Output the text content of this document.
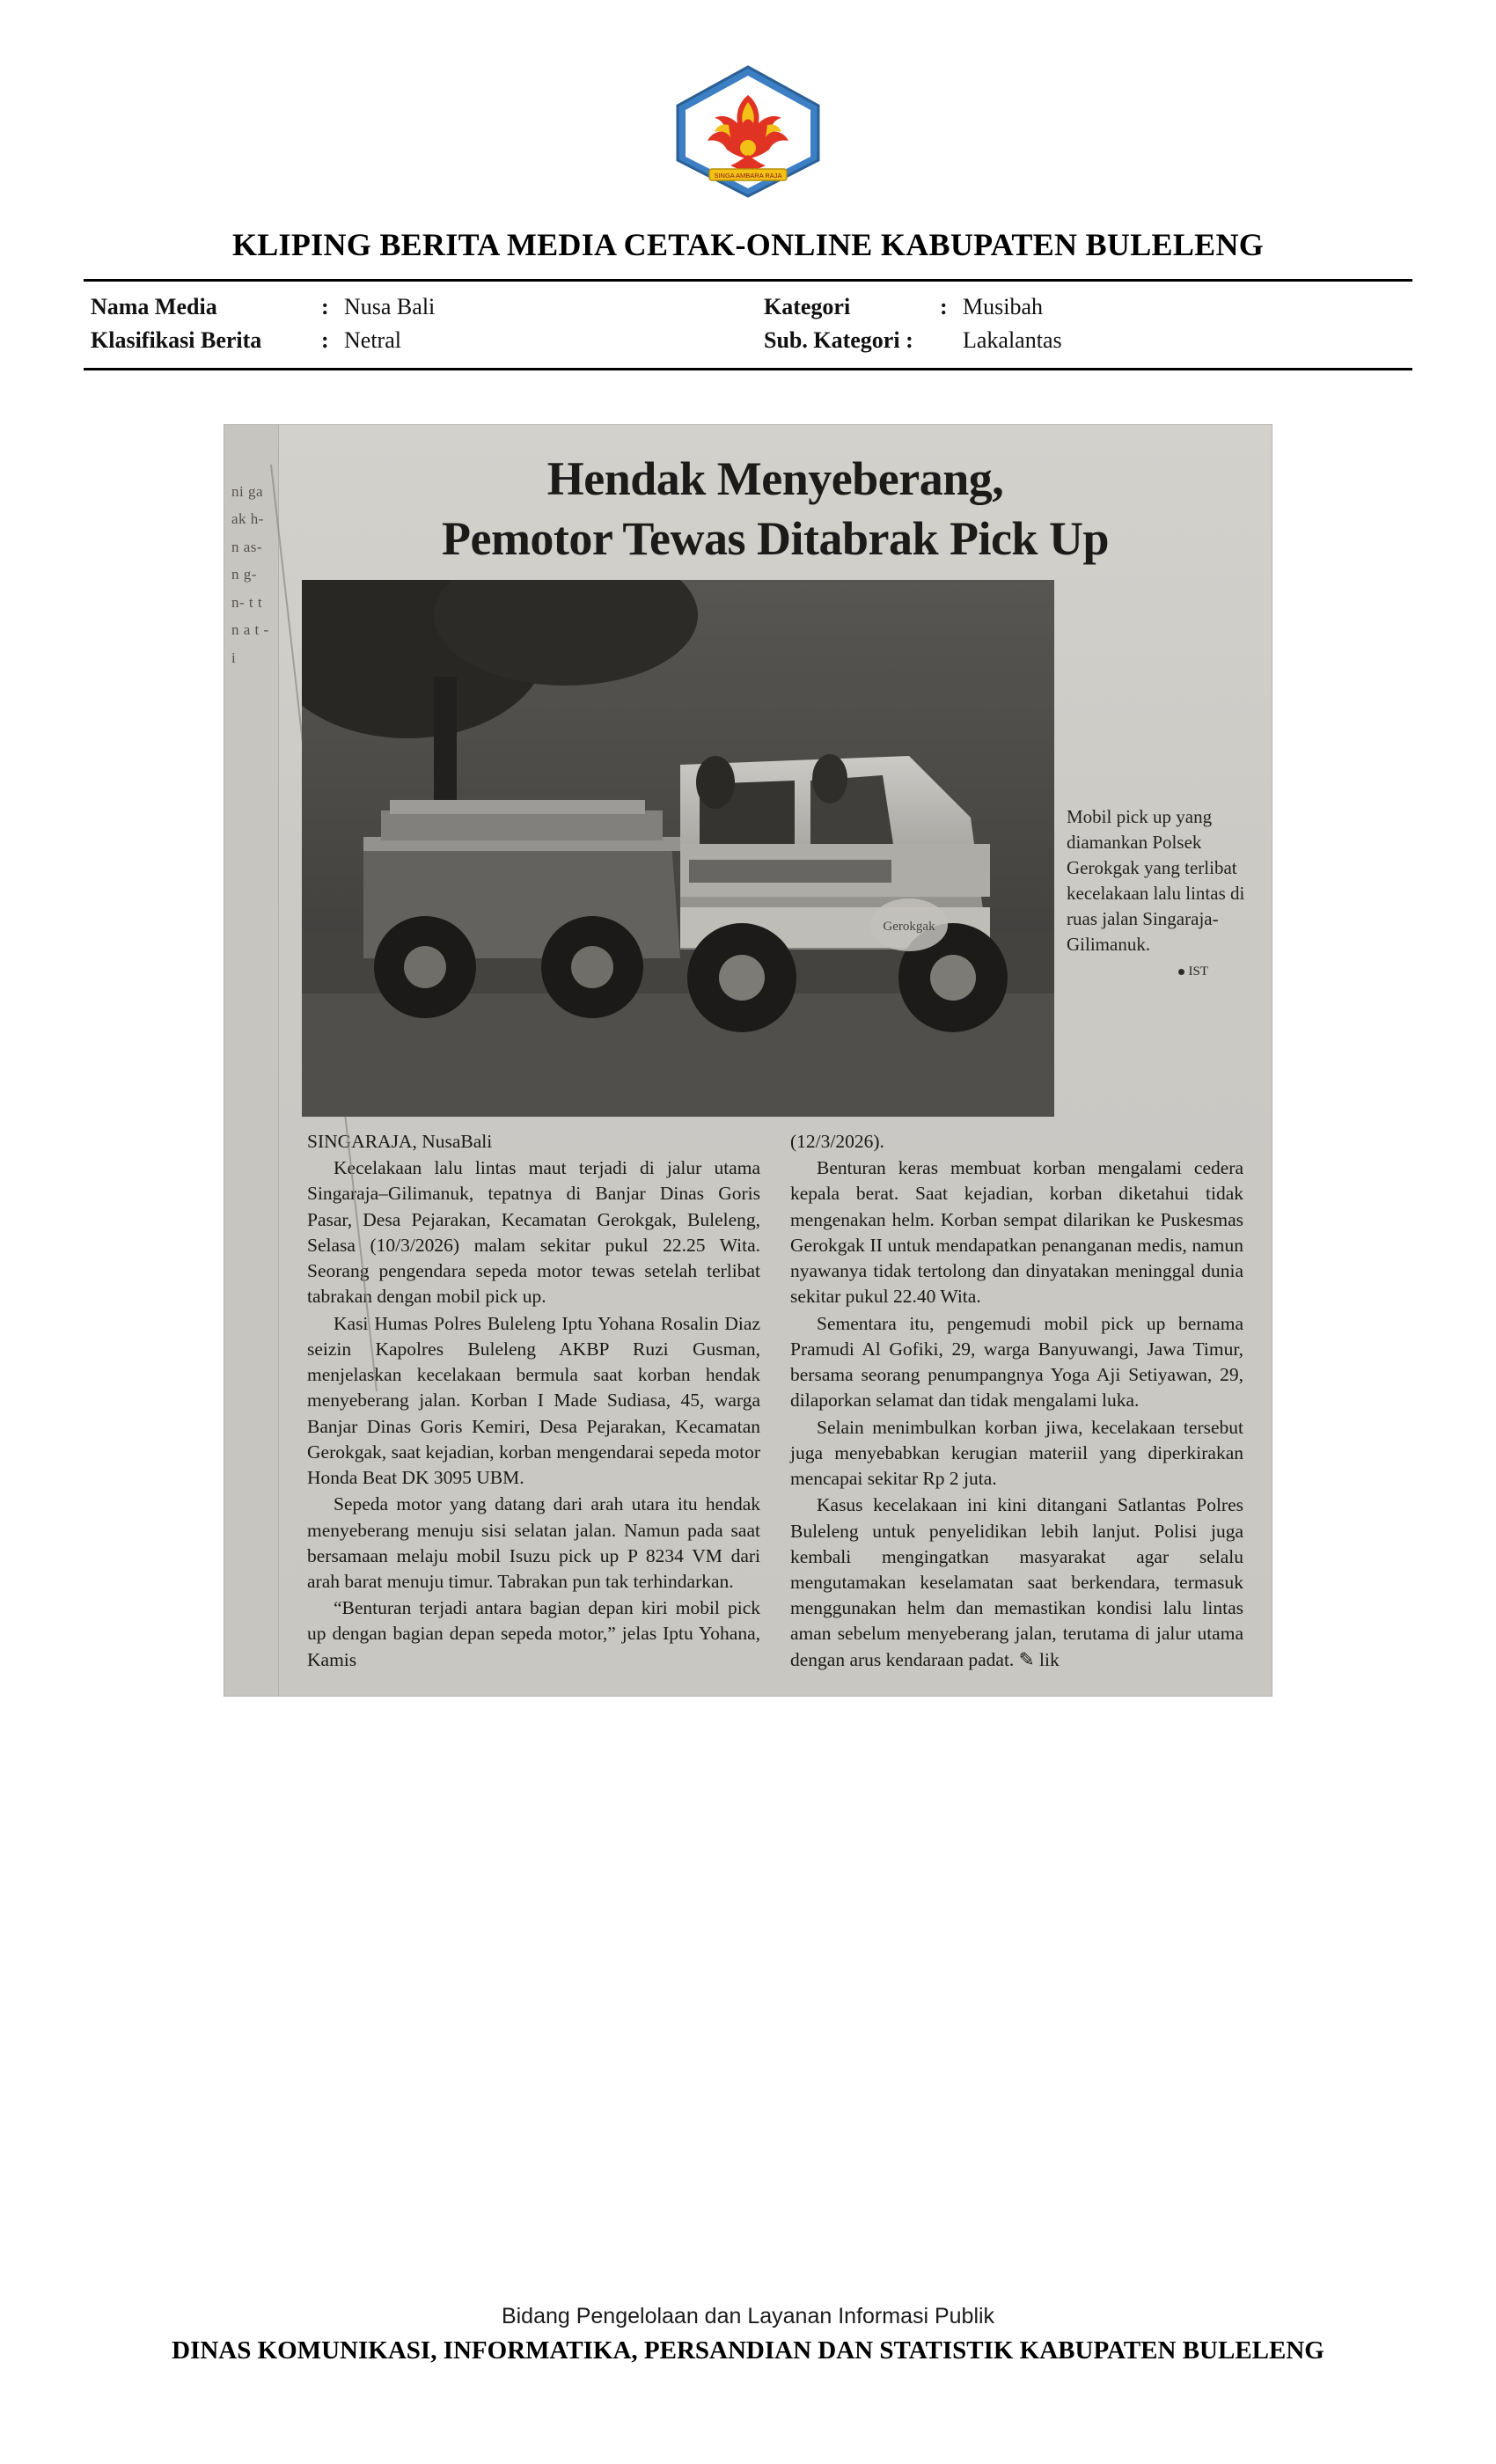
SINGA AMBARA RAJA
KLIPING BERITA MEDIA CETAK-ONLINE KABUPATEN BULELENG
Nama Media	: Nusa Bali	Kategori	: Musibah
Klasifikasi Berita	: Netral	Sub. Kategori :	Lakalantas
ni ga ak h- n as- n g- n- t t n a t - i
Hendak Menyeberang,
Pemotor Tewas Ditabrak Pick Up
Gerokgak
Mobil pick up yang diamankan Polsek Gerokgak yang terlibat kecelakaan lalu lintas di ruas jalan Singaraja-Gilimanuk.
IST

SINGARAJA, NusaBali

Kecelakaan lalu lintas maut terjadi di jalur utama Singaraja–Gilimanuk, tepatnya di Banjar Dinas Goris Pasar, Desa Pejarakan, Kecamatan Gerokgak, Buleleng, Selasa (10/3/2026) malam sekitar pukul 22.25 Wita. Seorang pengendara sepeda motor tewas setelah terlibat tabrakan dengan mobil pick up.

Kasi Humas Polres Buleleng Iptu Yohana Rosalin Diaz seizin Kapolres Buleleng AKBP Ruzi Gusman, menjelaskan kecelakaan bermula saat korban hendak menyeberang jalan. Korban I Made Sudiasa, 45, warga Banjar Dinas Goris Kemiri, Desa Pejarakan, Kecamatan Gerokgak, saat kejadian, korban mengendarai sepeda motor Honda Beat DK 3095 UBM.

Sepeda motor yang datang dari arah utara itu hendak menyeberang menuju sisi selatan jalan. Namun pada saat bersamaan melaju mobil Isuzu pick up P 8234 VM dari arah barat menuju timur. Tabrakan pun tak terhindarkan.

“Benturan terjadi antara bagian depan kiri mobil pick up dengan bagian depan sepeda motor,” jelas Iptu Yohana, Kamis

(12/3/2026).

Benturan keras membuat korban mengalami cedera kepala berat. Saat kejadian, korban diketahui tidak mengenakan helm. Korban sempat dilarikan ke Puskesmas Gerokgak II untuk mendapatkan penanganan medis, namun nyawanya tidak tertolong dan dinyatakan meninggal dunia sekitar pukul 22.40 Wita.

Sementara itu, pengemudi mobil pick up bernama Pramudi Al Gofiki, 29, warga Banyuwangi, Jawa Timur, bersama seorang penumpangnya Yoga Aji Setiyawan, 29, dilaporkan selamat dan tidak mengalami luka.

Selain menimbulkan korban jiwa, kecelakaan tersebut juga menyebabkan kerugian materiil yang diperkirakan mencapai sekitar Rp 2 juta.

Kasus kecelakaan ini kini ditangani Satlantas Polres Buleleng untuk penyelidikan lebih lanjut. Polisi juga kembali mengingatkan masyarakat agar selalu mengutamakan keselamatan saat berkendara, termasuk menggunakan helm dan memastikan kondisi lalu lintas aman sebelum menyeberang jalan, terutama di jalur utama dengan arus kendaraan padat. ✎ lik

Bidang Pengelolaan dan Layanan Informasi Publik
DINAS KOMUNIKASI, INFORMATIKA, PERSANDIAN DAN STATISTIK KABUPATEN BULELENG
